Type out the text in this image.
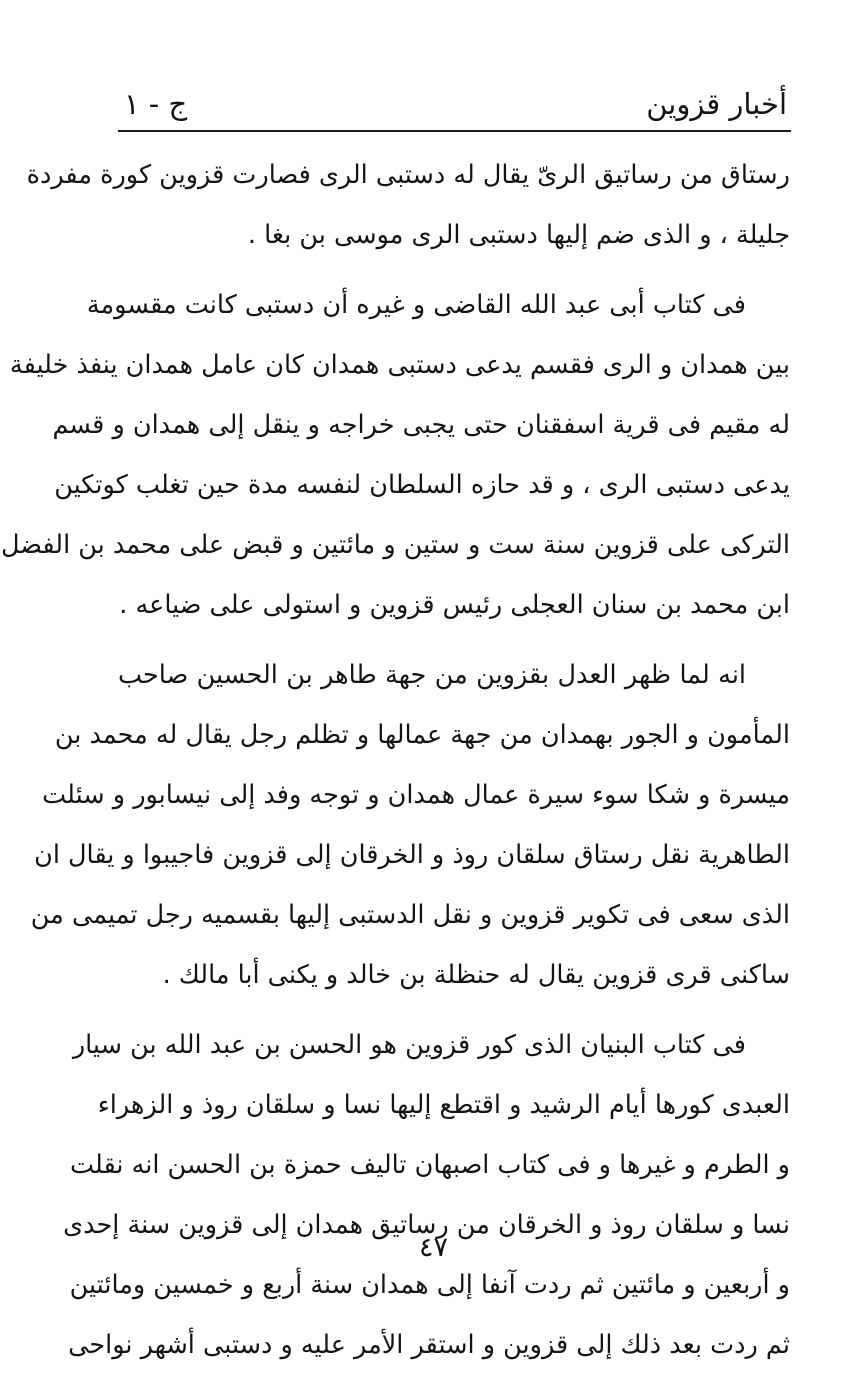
أخبار قزوين
ج - ١
رستاق من رساتيق الرىّ يقال له دستبى الرى فصارت قزوين كورة مفردة
جليلة ، و الذى ضم إليها دستبى الرى موسى بن بغا .
فى كتاب أبى عبد الله القاضى و غيره أن دستبى كانت مقسومة
بين همدان و الرى فقسم يدعى دستبى همدان كان عامل همدان ينفذ خليفة
له مقيم فى قرية اسفقنان حتى يجبى خراجه و ينقل إلى همدان و قسم
يدعى دستبى الرى ، و قد حازه السلطان لنفسه مدة حين تغلب كوتكين
التركى على قزوين سنة ست و ستين و مائتين و قبض على محمد بن الفضل
ابن محمد بن سنان العجلى رئيس قزوين و استولى على ضياعه .
انه لما ظهر العدل بقزوين من جهة طاهر بن الحسين صاحب
المأمون و الجور بهمدان من جهة عمالها و تظلم رجل يقال له محمد بن
ميسرة و شكا سوء سيرة عمال همدان و توجه وفد إلى نيسابور و سئلت
الطاهرية نقل رستاق سلقان روذ و الخرقان إلى قزوين فاجيبوا و يقال ان
الذى سعى فى تكوير قزوين و نقل الدستبى إليها بقسميه رجل تميمى من
ساكنى قرى قزوين يقال له حنظلة بن خالد و يكنى أبا مالك .
فى كتاب البنيان الذى كور قزوين هو الحسن بن عبد الله بن سيار
العبدى كورها أيام الرشيد و اقتطع إليها نسا و سلقان روذ و الزهراء
و الطرم و غيرها و فى كتاب اصبهان تاليف حمزة بن الحسن انه نقلت
نسا و سلقان روذ و الخرقان من رساتيق همدان إلى قزوين سنة إحدى
و أربعين و مائتين ثم ردت آنفا إلى همدان سنة أربع و خمسين ومائتين
ثم ردت بعد ذلك إلى قزوين و استقر الأمر عليه و دستبى أشهر نواحى
٤٧
